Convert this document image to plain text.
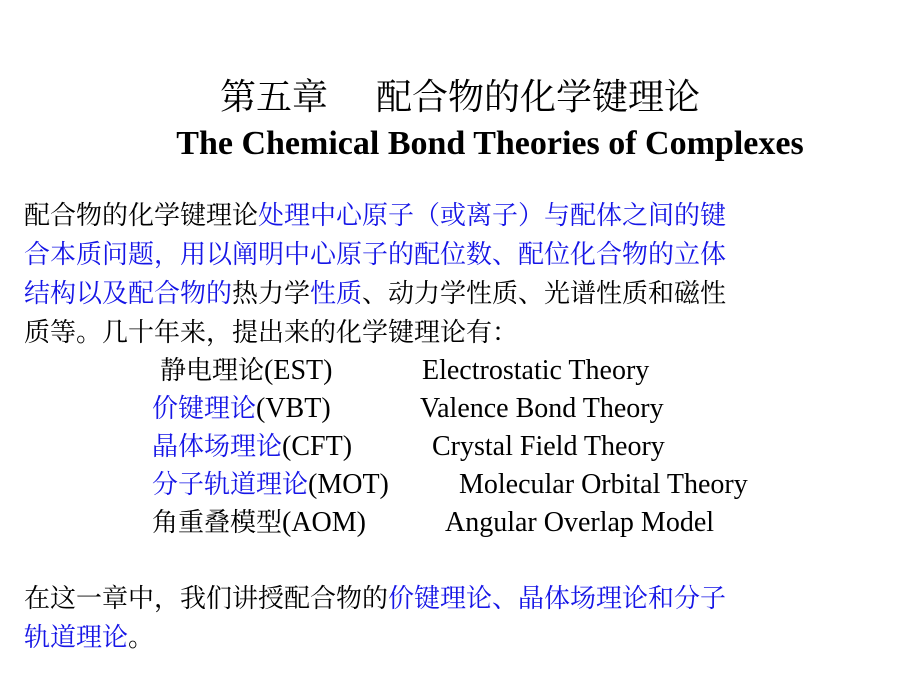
第五章 配合物的化学键理论
The Chemical Bond Theories of Complexes
配合物的化学键理论处理中心原子（或离子）与配体之间的键
合本质问题，用以阐明中心原子的配位数、配位化合物的立体
结构以及配合物的热力学性质、动力学性质、光谱性质和磁性
质等。几十年来，提出来的化学键理论有：
静电理论(EST)	Electrostatic Theory
价键理论(VBT)	Valence Bond Theory
晶体场理论(CFT)	Crystal Field Theory
分子轨道理论(MOT)	Molecular Orbital Theory
角重叠模型(AOM)	Angular Overlap Model
在这一章中，我们讲授配合物的价键理论、晶体场理论和分子
轨道理论。
